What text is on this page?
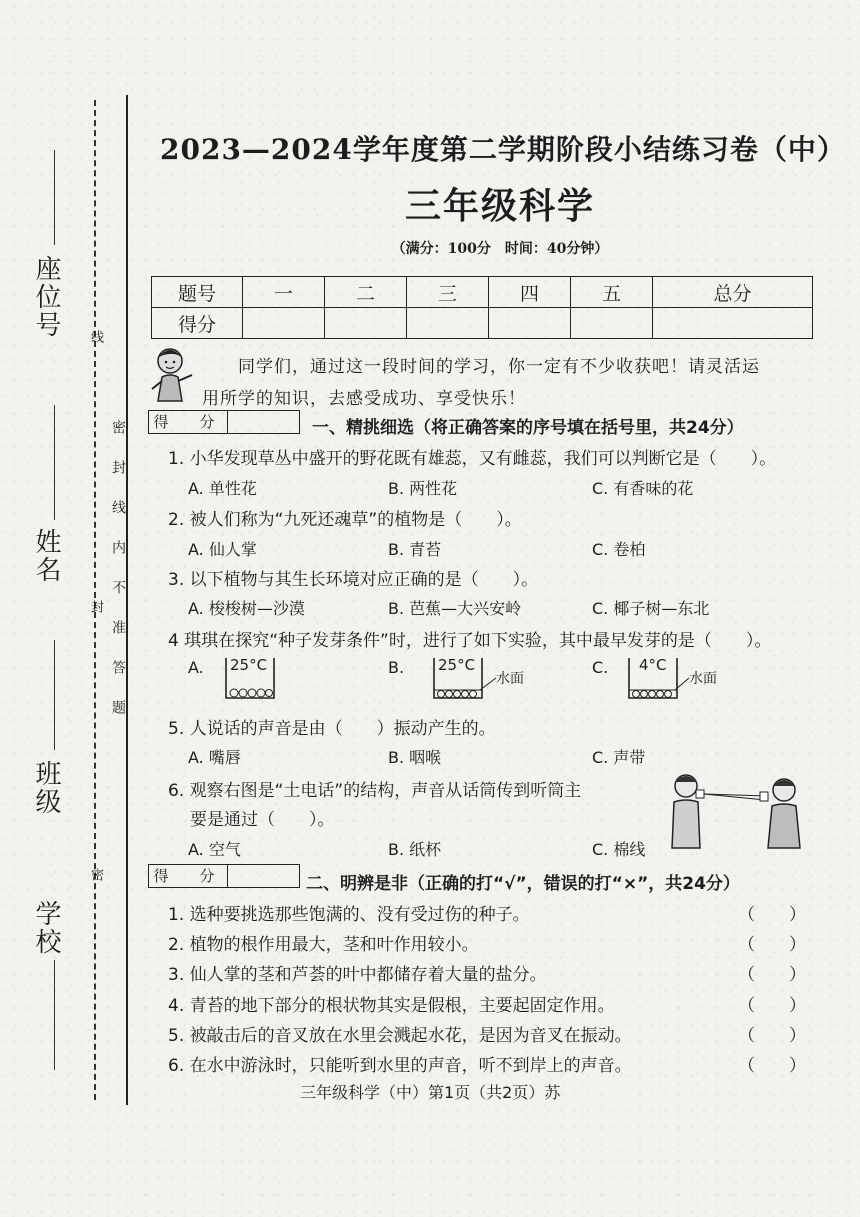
座位号
姓名
班级
学校
线
封
密
密封线内不准答题
2023—2024学年度第二学期阶段小结练习卷（中）
三年级科学
（满分：100分　时间：40分钟）
题号	一	二	三	四	五	总分
得分						
同学们，通过这一段时间的学习，你一定有不少收获吧！请灵活运
用所学的知识，去感受成功、享受快乐！
得　分	一、精挑细选（将正确答案的序号填在括号里，共24分）
1. 小华发现草丛中盛开的野花既有雄蕊，又有雌蕊，我们可以判断它是（　　）。
A. 单性花	B. 两性花	C. 有香味的花
2. 被人们称为“九死还魂草”的植物是（　　）。
A. 仙人掌	B. 青苔	C. 卷柏
3. 以下植物与其生长环境对应正确的是（　　）。
A. 梭梭树—沙漠	B. 芭蕉—大兴安岭	C. 椰子树—东北
4 琪琪在探究“种子发芽条件”时，进行了如下实验，其中最早发芽的是（　　）。
A.	B.	C.
25°C	25°C
水面
4°C
水面
5. 人说话的声音是由（　　）振动产生的。
A. 嘴唇	B. 咽喉	C. 声带
6. 观察右图是“土电话”的结构，声音从话筒传到听筒主
要是通过（　　）。
A. 空气	B. 纸杯	C. 棉线
得　分	二、明辨是非（正确的打“√”，错误的打“×”，共24分）
1. 选种要挑选那些饱满的、没有受过伤的种子。	（　　）
2. 植物的根作用最大，茎和叶作用较小。	（　　）
3. 仙人掌的茎和芦荟的叶中都储存着大量的盐分。	（　　）
4. 青苔的地下部分的根状物其实是假根，主要起固定作用。	（　　）
5. 被敲击后的音叉放在水里会溅起水花，是因为音叉在振动。	（　　）
6. 在水中游泳时，只能听到水里的声音，听不到岸上的声音。	（　　）
三年级科学（中）第1页（共2页）苏
